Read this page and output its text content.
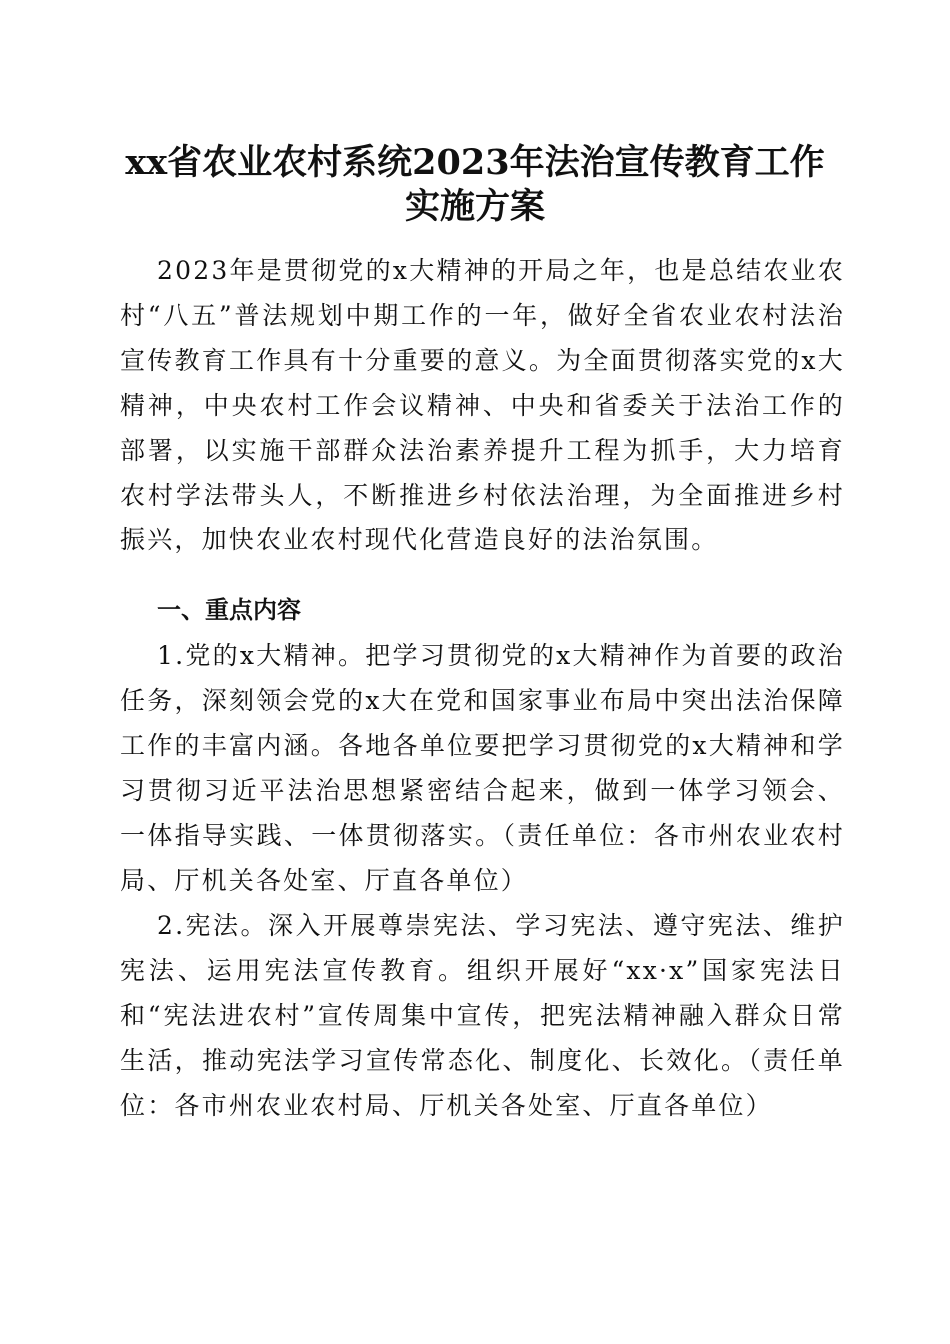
xx省农业农村系统2023年法治宣传教育工作
实施方案

2023年是贯彻党的x大精神的开局之年，也是总结农业农村“八五”普法规划中期工作的一年，做好全省农业农村法治宣传教育工作具有十分重要的意义。为全面贯彻落实党的x大精神，中央农村工作会议精神、中央和省委关于法治工作的部署，以实施干部群众法治素养提升工程为抓手，大力培育农村学法带头人，不断推进乡村依法治理，为全面推进乡村振兴，加快农业农村现代化营造良好的法治氛围。

一、重点内容

1.党的x大精神。把学习贯彻党的x大精神作为首要的政治任务，深刻领会党的x大在党和国家事业布局中突出法治保障工作的丰富内涵。各地各单位要把学习贯彻党的x大精神和学习贯彻习近平法治思想紧密结合起来，做到一体学习领会、一体指导实践、一体贯彻落实。（责任单位：各市州农业农村局、厅机关各处室、厅直各单位）

2.宪法。深入开展尊崇宪法、学习宪法、遵守宪法、维护宪法、运用宪法宣传教育。组织开展好“xx·x”国家宪法日和“宪法进农村”宣传周集中宣传，把宪法精神融入群众日常生活，推动宪法学习宣传常态化、制度化、长效化。（责任单位：各市州农业农村局、厅机关各处室、厅直各单位）
